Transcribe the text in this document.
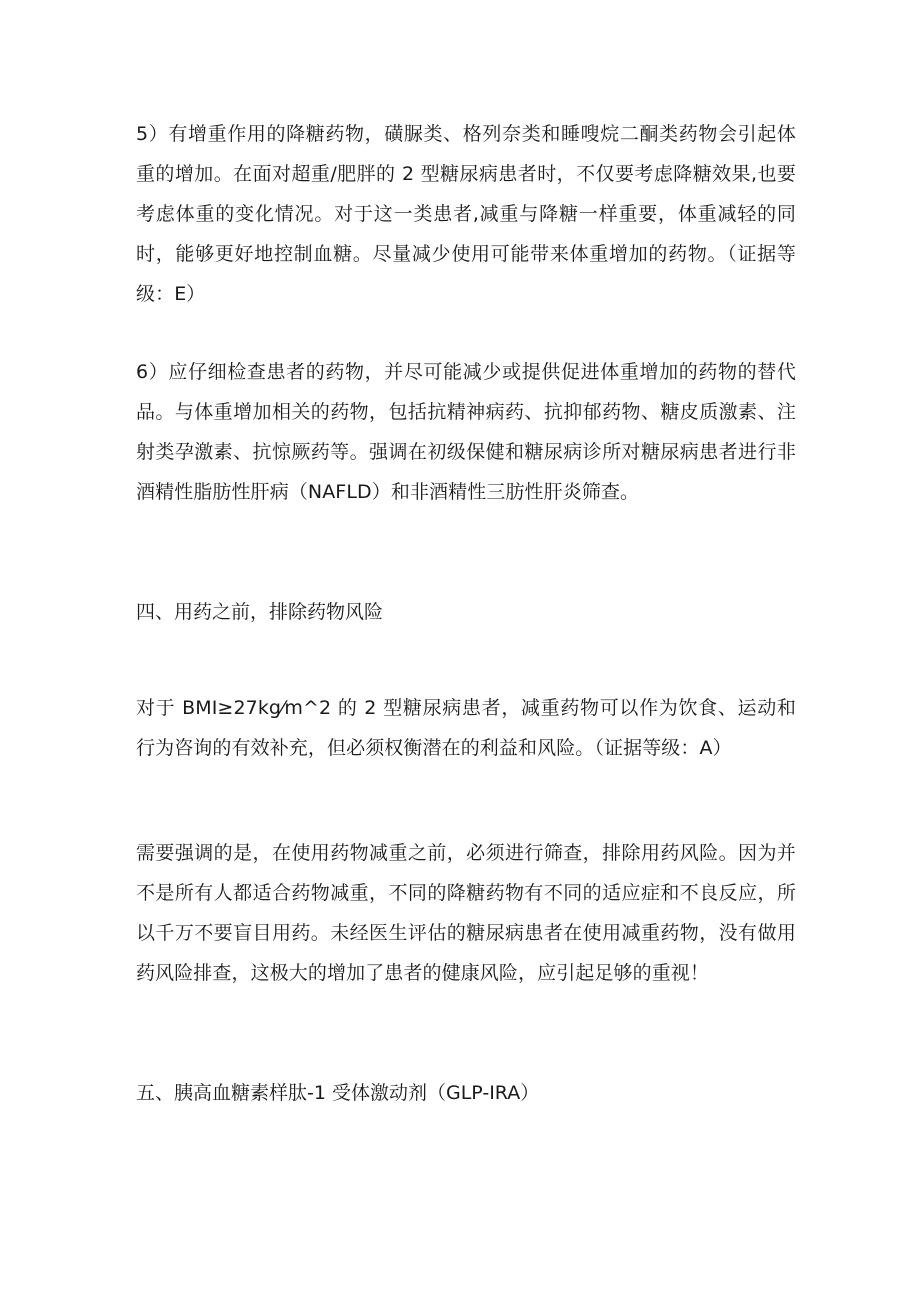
5）有增重作用的降糖药物，磺脲类、格列奈类和睡嗖烷二酮类药物会引起体重的增加。在面对超重/肥胖的 2 型糖尿病患者时，不仅要考虑降糖效果,也要考虑体重的变化情况。对于这一类患者,减重与降糖一样重要，体重减轻的同时，能够更好地控制血糖。尽量减少使用可能带来体重增加的药物。（证据等级：E）

6）应仔细检查患者的药物，并尽可能减少或提供促进体重增加的药物的替代品。与体重增加相关的药物，包括抗精神病药、抗抑郁药物、糖皮质激素、注射类孕激素、抗惊厥药等。强调在初级保健和糖尿病诊所对糖尿病患者进行非酒精性脂肪性肝病（NAFLD）和非酒精性三肪性肝炎筛查。

四、用药之前，排除药物风险

对于 BMI≥27kg⁄m^2 的 2 型糖尿病患者，减重药物可以作为饮食、运动和行为咨询的有效补充，但必须权衡潜在的利益和风险。（证据等级：A）

需要强调的是，在使用药物减重之前，必须进行筛查，排除用药风险。因为并不是所有人都适合药物减重，不同的降糖药物有不同的适应症和不良反应，所以千万不要盲目用药。未经医生评估的糖尿病患者在使用减重药物，没有做用药风险排查，这极大的增加了患者的健康风险，应引起足够的重视！

五、胰高血糖素样肽-1 受体激动剂（GLP-IRA）
